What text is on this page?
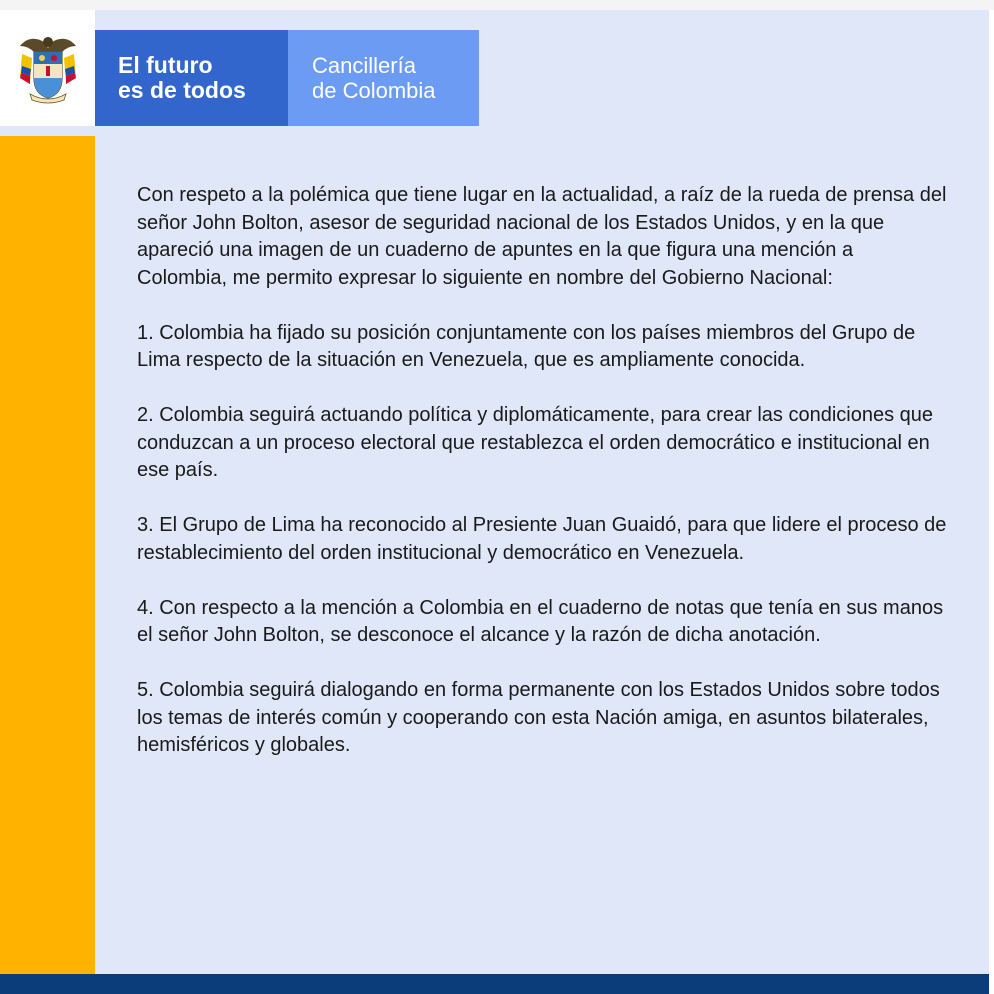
El futuro
es de todos
Cancillería
de Colombia

Con respeto a la polémica que tiene lugar en la actualidad, a raíz de la rueda de prensa del señor John Bolton, asesor de seguridad nacional de los Estados Unidos, y en la que apareció una imagen de un cuaderno de apuntes en la que figura una mención a Colombia, me permito expresar lo siguiente en nombre del Gobierno Nacional:

1. Colombia ha fijado su posición conjuntamente con los países miembros del Grupo de Lima respecto de la situación en Venezuela, que es ampliamente conocida.

2. Colombia seguirá actuando política y diplomáticamente, para crear las condiciones que conduzcan a un proceso electoral que restablezca el orden democrático e institucional en ese país.

3. El Grupo de Lima ha reconocido al Presiente Juan Guaidó, para que lidere el proceso de restablecimiento del orden institucional y democrático en Venezuela.

4. Con respecto a la mención a Colombia en el cuaderno de notas que tenía en sus manos el señor John Bolton, se desconoce el alcance y la razón de dicha anotación.

5. Colombia seguirá dialogando en forma permanente con los Estados Unidos sobre todos los temas de interés común y cooperando con esta Nación amiga, en asuntos bilaterales, hemisféricos y globales.
